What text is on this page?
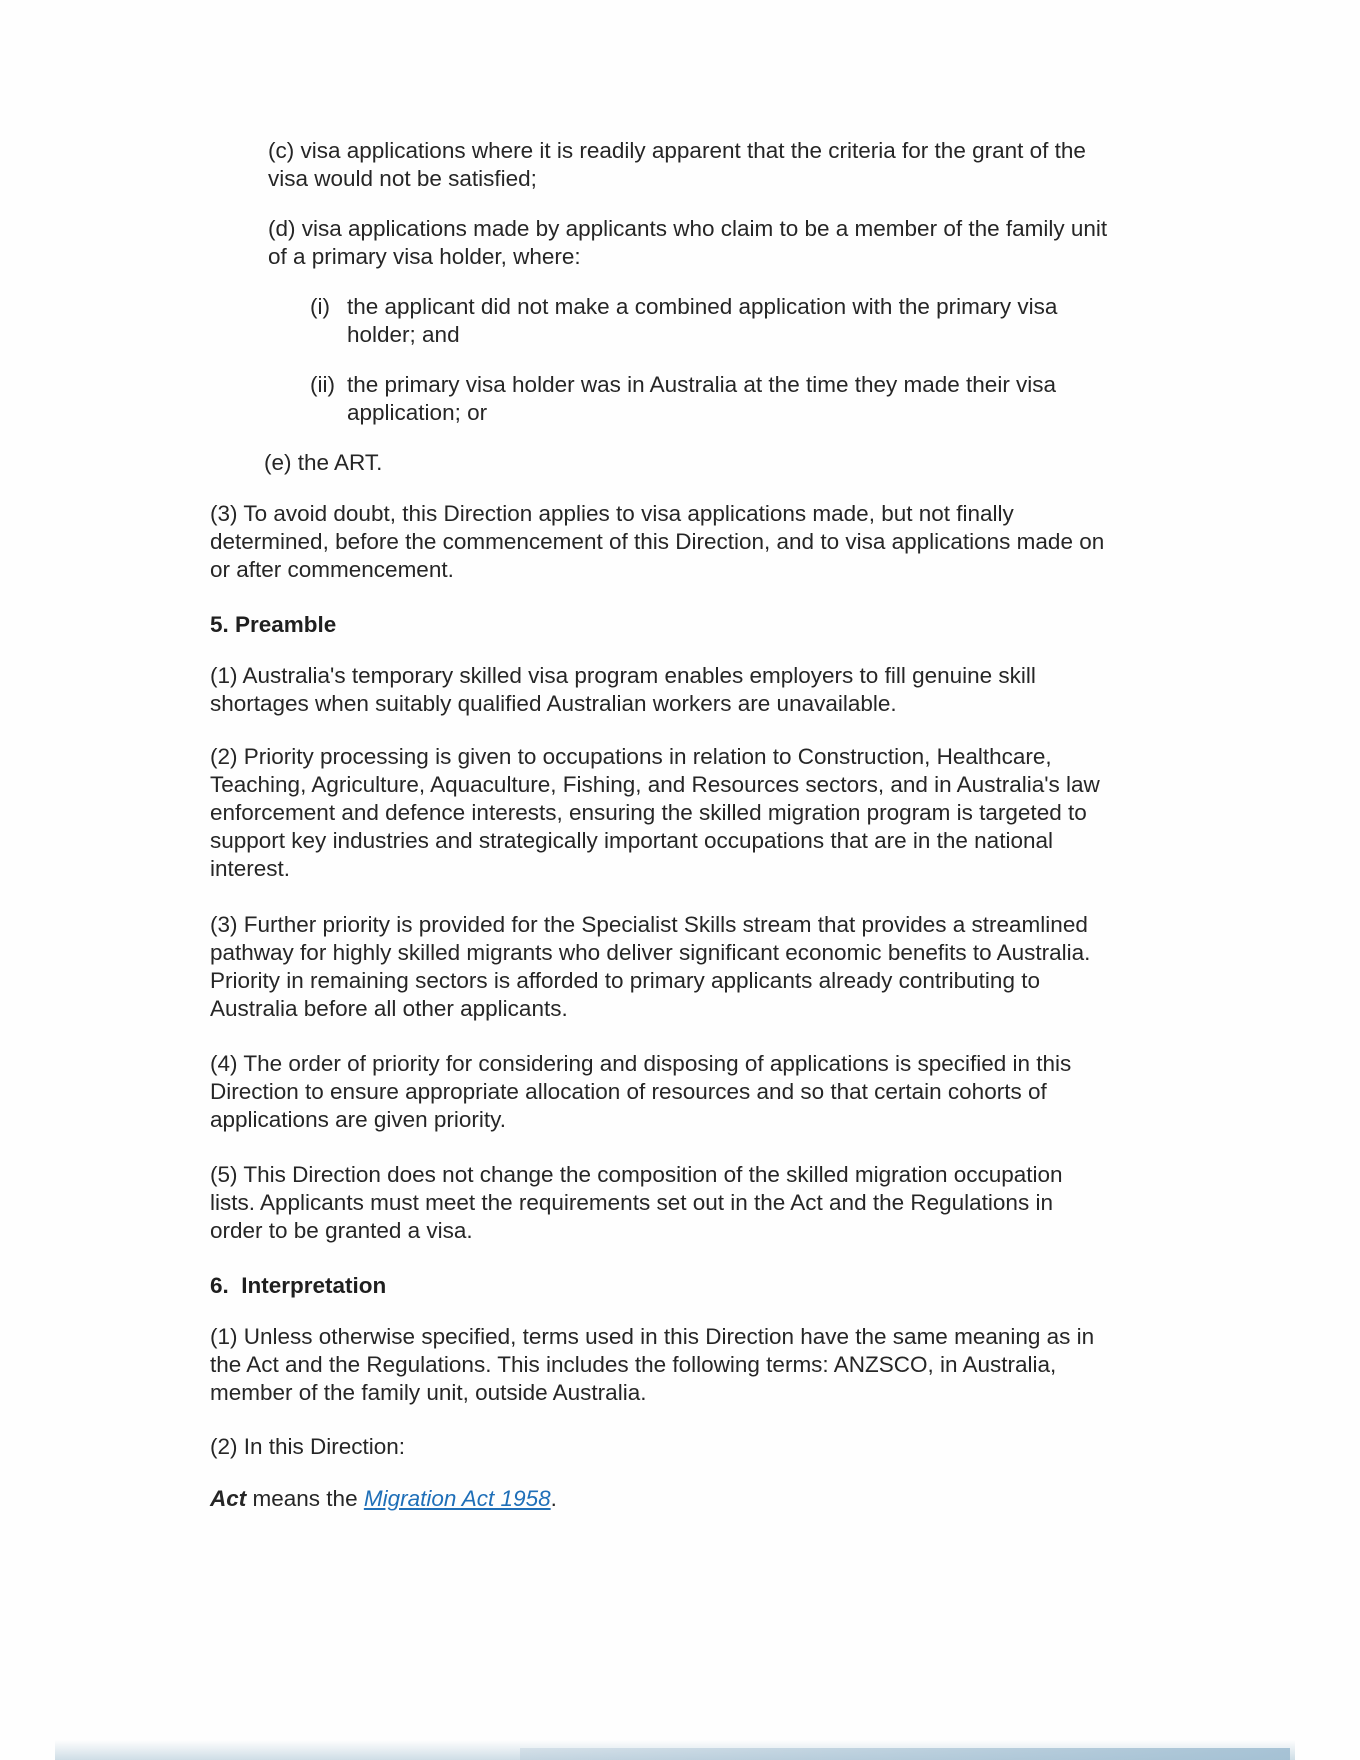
(c) visa applications where it is readily apparent that the criteria for the grant of the
visa would not be satisfied;

(d) visa applications made by applicants who claim to be a member of the family unit
of a primary visa holder, where:

(i) the applicant did not make a combined application with the primary visa
holder; and

(ii) the primary visa holder was in Australia at the time they made their visa
application; or

(e) the ART.

(3) To avoid doubt, this Direction applies to visa applications made, but not finally
determined, before the commencement of this Direction, and to visa applications made on
or after commencement.

5. Preamble

(1) Australia's temporary skilled visa program enables employers to fill genuine skill
shortages when suitably qualified Australian workers are unavailable.

(2) Priority processing is given to occupations in relation to Construction, Healthcare,
Teaching, Agriculture, Aquaculture, Fishing, and Resources sectors, and in Australia's law
enforcement and defence interests, ensuring the skilled migration program is targeted to
support key industries and strategically important occupations that are in the national
interest.

(3) Further priority is provided for the Specialist Skills stream that provides a streamlined
pathway for highly skilled migrants who deliver significant economic benefits to Australia.
Priority in remaining sectors is afforded to primary applicants already contributing to
Australia before all other applicants.

(4) The order of priority for considering and disposing of applications is specified in this
Direction to ensure appropriate allocation of resources and so that certain cohorts of
applications are given priority.

(5) This Direction does not change the composition of the skilled migration occupation
lists. Applicants must meet the requirements set out in the Act and the Regulations in
order to be granted a visa.

6.  Interpretation

(1) Unless otherwise specified, terms used in this Direction have the same meaning as in
the Act and the Regulations. This includes the following terms: ANZSCO, in Australia,
member of the family unit, outside Australia.

(2) In this Direction:

Act means the Migration Act 1958.
